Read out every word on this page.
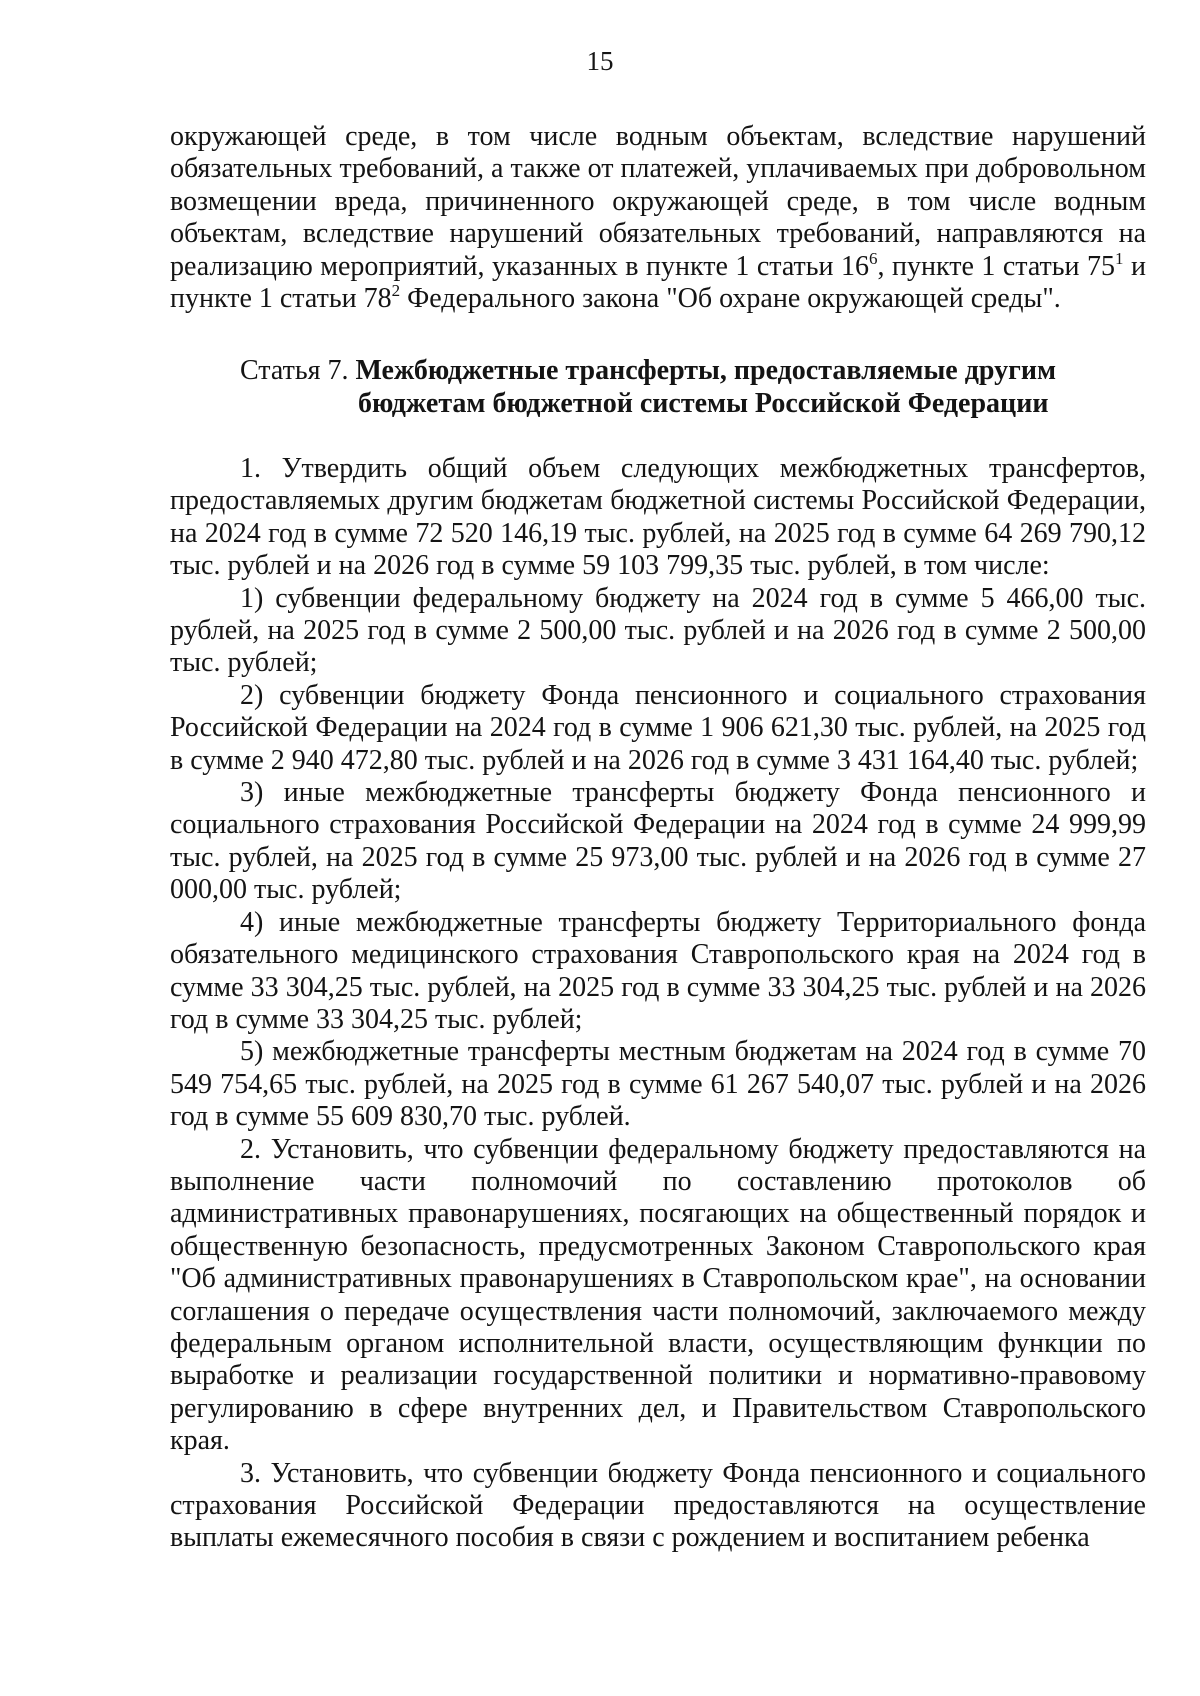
15

окружающей среде, в том числе водным объектам, вследствие нарушений обязательных требований, а также от платежей, уплачиваемых при добровольном возмещении вреда, причиненного окружающей среде, в том числе водным объектам, вследствие нарушений обязательных требований, направляются на реализацию мероприятий, указанных в пункте 1 статьи $16^6$, пункте 1 статьи $75^1$ и пункте 1 статьи $78^2$ Федерального закона "Об охране окружающей среды".

Статья 7. Межбюджетные трансферты, предоставляемые другим
бюджетам бюджетной системы Российской Федерации

1. Утвердить общий объем следующих межбюджетных трансфертов, предоставляемых другим бюджетам бюджетной системы Российской Федерации, на 2024 год в сумме 72 520 146,19 тыс. рублей, на 2025 год в сумме 64 269 790,12 тыс. рублей и на 2026 год в сумме 59 103 799,35 тыс. рублей, в том числе:

1) субвенции федеральному бюджету на 2024 год в сумме 5 466,00 тыс. рублей, на 2025 год в сумме 2 500,00 тыс. рублей и на 2026 год в сумме 2 500,00 тыс. рублей;

2) субвенции бюджету Фонда пенсионного и социального страхования Российской Федерации на 2024 год в сумме 1 906 621,30 тыс. рублей, на 2025 год в сумме 2 940 472,80 тыс. рублей и на 2026 год в сумме 3 431 164,40 тыс. рублей;

3) иные межбюджетные трансферты бюджету Фонда пенсионного и социального страхования Российской Федерации на 2024 год в сумме 24 999,99 тыс. рублей, на 2025 год в сумме 25 973,00 тыс. рублей и на 2026 год в сумме 27 000,00 тыс. рублей;

4) иные межбюджетные трансферты бюджету Территориального фонда обязательного медицинского страхования Ставропольского края на 2024 год в сумме 33 304,25 тыс. рублей, на 2025 год в сумме 33 304,25 тыс. рублей и на 2026 год в сумме 33 304,25 тыс. рублей;

5) межбюджетные трансферты местным бюджетам на 2024 год в сумме 70 549 754,65 тыс. рублей, на 2025 год в сумме 61 267 540,07 тыс. рублей и на 2026 год в сумме 55 609 830,70 тыс. рублей.

2. Установить, что субвенции федеральному бюджету предоставляются на выполнение части полномочий по составлению протоколов об административных правонарушениях, посягающих на общественный порядок и общественную безопасность, предусмотренных Законом Ставропольского края "Об административных правонарушениях в Ставропольском крае", на основании соглашения о передаче осуществления части полномочий, заключаемого между федеральным органом исполнительной власти, осуществляющим функции по выработке и реализации государственной политики и нормативно-правовому регулированию в сфере внутренних дел, и Правительством Ставропольского края.

3. Установить, что субвенции бюджету Фонда пенсионного и социального страхования Российской Федерации предоставляются на осуществление выплаты ежемесячного пособия в связи с рождением и воспитанием ребенка
